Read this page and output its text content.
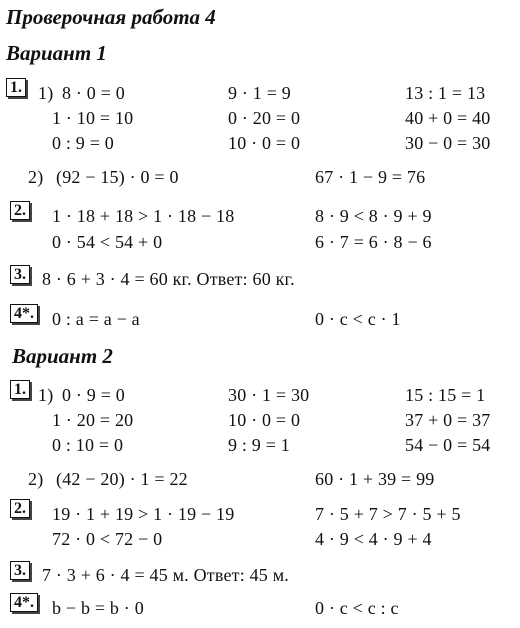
Проверочная работа 4
Вариант 1
1. 1) 8 · 0 = 0	9 · 1 = 9	13 : 1 = 13
1 · 10 = 10	0 · 20 = 0	40 + 0 = 40
0 : 9 = 0	10 · 0 = 0	30 − 0 = 30
2) (92 − 15) · 0 = 0	67 · 1 − 9 = 76
2. 1 · 18 + 18 > 1 · 18 − 18	8 · 9 < 8 · 9 + 9
0 · 54 < 54 + 0	6 · 7 = 6 · 8 − 6
3. 8 · 6 + 3 · 4 = 60 кг. Ответ: 60 кг.
4*. 0 : a = a − a	0 · c < c · 1
Вариант 2
1. 1) 0 · 9 = 0	30 · 1 = 30	15 : 15 = 1
1 · 20 = 20	10 · 0 = 0	37 + 0 = 37
0 : 10 = 0	9 : 9 = 1	54 − 0 = 54
2) (42 − 20) · 1 = 22	60 · 1 + 39 = 99
2. 19 · 1 + 19 > 1 · 19 − 19	7 · 5 + 7 > 7 · 5 + 5
72 · 0 < 72 − 0	4 · 9 < 4 · 9 + 4
3. 7 · 3 + 6 · 4 = 45 м. Ответ: 45 м.
4*. b − b = b · 0	0 · c < c : c
